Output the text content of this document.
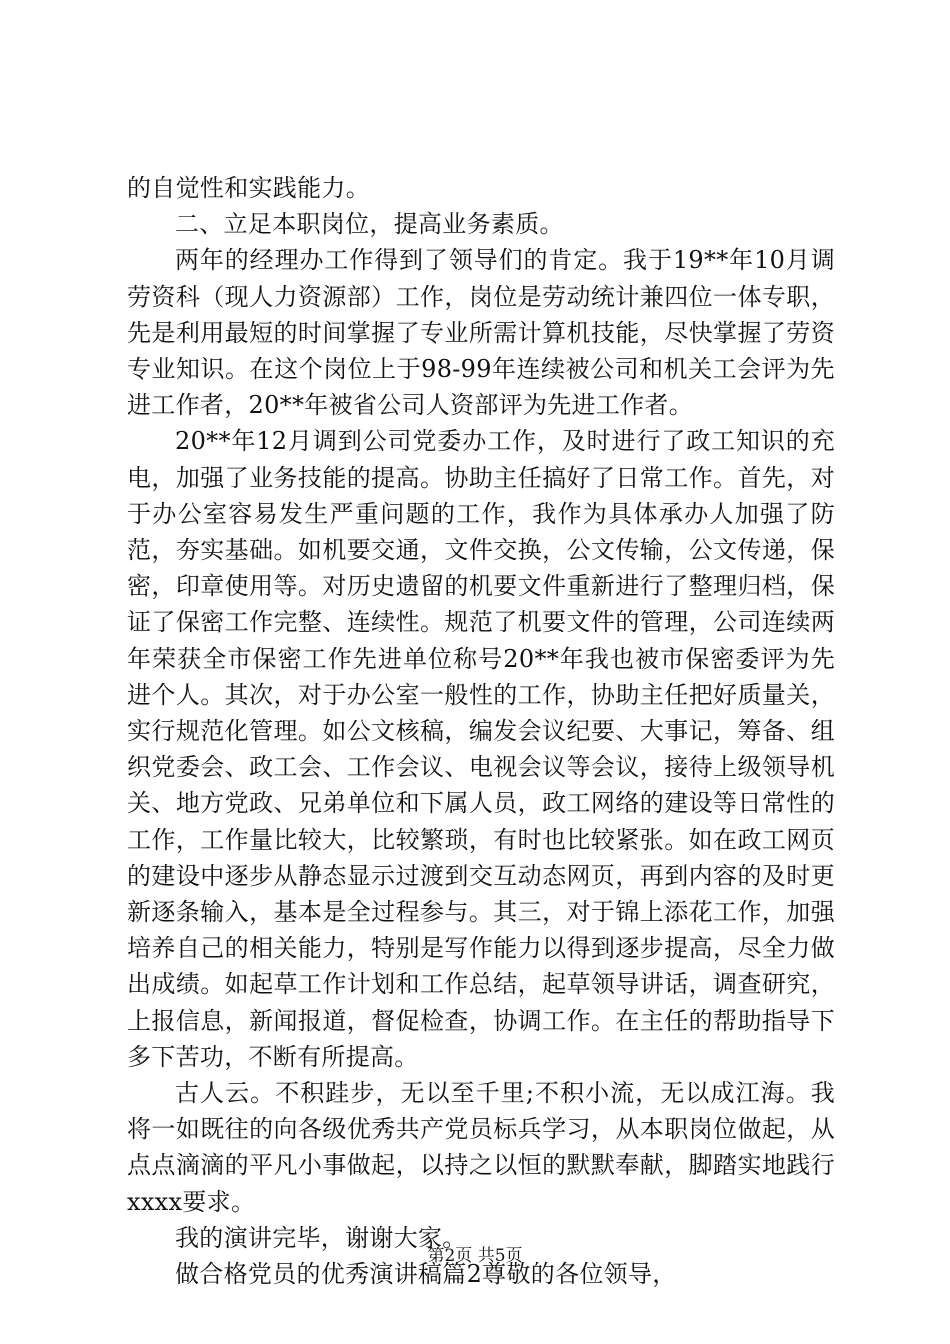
的自觉性和实践能力。

二、立足本职岗位，提高业务素质。

两年的经理办工作得到了领导们的肯定。我于19**年10月调劳资科（现人力资源部）工作，岗位是劳动统计兼四位一体专职，先是利用最短的时间掌握了专业所需计算机技能，尽快掌握了劳资专业知识。在这个岗位上于98-99年连续被公司和机关工会评为先进工作者，20**年被省公司人资部评为先进工作者。

20**年12月调到公司党委办工作，及时进行了政工知识的充电，加强了业务技能的提高。协助主任搞好了日常工作。首先，对于办公室容易发生严重问题的工作，我作为具体承办人加强了防范，夯实基础。如机要交通，文件交换，公文传输，公文传递，保密，印章使用等。对历史遗留的机要文件重新进行了整理归档，保证了保密工作完整、连续性。规范了机要文件的管理，公司连续两年荣获全市保密工作先进单位称号20**年我也被市保密委评为先进个人。其次，对于办公室一般性的工作，协助主任把好质量关，实行规范化管理。如公文核稿，编发会议纪要、大事记，筹备、组织党委会、政工会、工作会议、电视会议等会议，接待上级领导机关、地方党政、兄弟单位和下属人员，政工网络的建设等日常性的工作，工作量比较大，比较繁琐，有时也比较紧张。如在政工网页的建设中逐步从静态显示过渡到交互动态网页，再到内容的及时更新逐条输入，基本是全过程参与。其三，对于锦上添花工作，加强培养自己的相关能力，特别是写作能力以得到逐步提高，尽全力做出成绩。如起草工作计划和工作总结，起草领导讲话，调查研究，上报信息，新闻报道，督促检查，协调工作。在主任的帮助指导下多下苦功，不断有所提高。

古人云。不积跬步，无以至千里;不积小流，无以成江海。我将一如既往的向各级优秀共产党员标兵学习，从本职岗位做起，从点点滴滴的平凡小事做起，以持之以恒的默默奉献，脚踏实地践行xxxx要求。

我的演讲完毕，谢谢大家。

做合格党员的优秀演讲稿篇2尊敬的各位领导，

第2页 共5页
